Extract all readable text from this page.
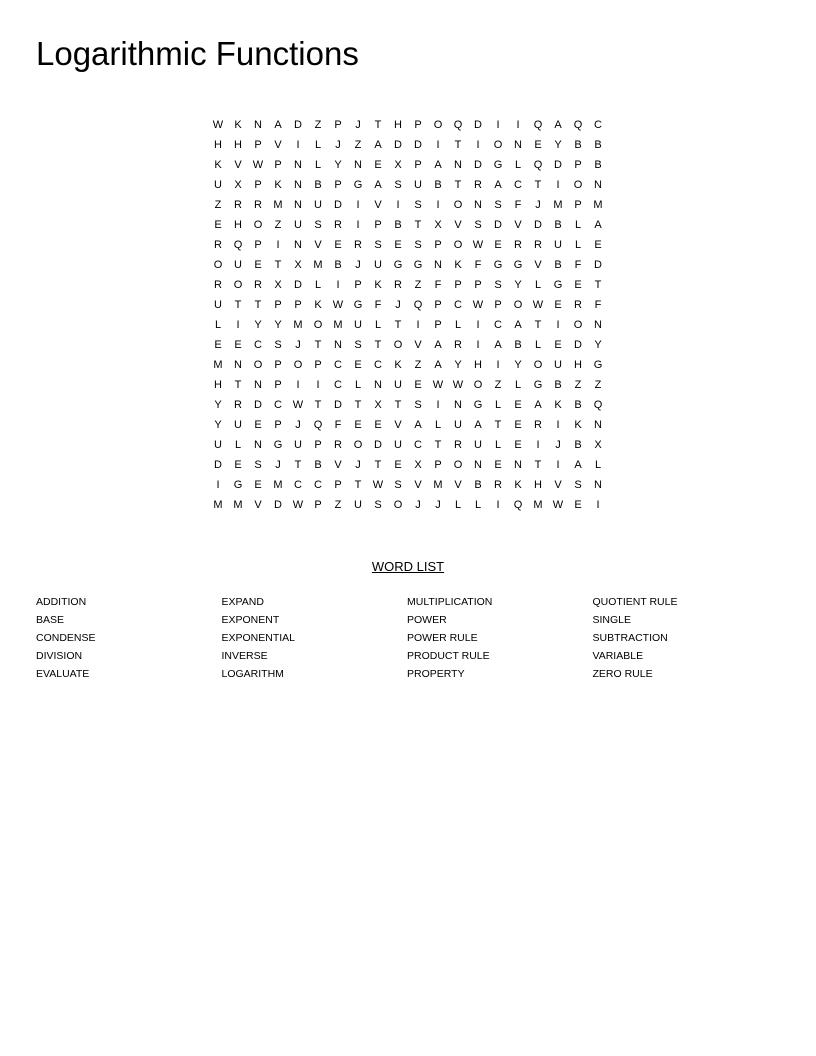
Logarithmic Functions
W	K	N	A	D	Z	P	J	T	H	P	O	Q	D	I	I	Q	A	Q	C
H	H	P	V	I	L	J	Z	A	D	D	I	T	I	O	N	E	Y	B	B
K	V	W	P	N	L	Y	N	E	X	P	A	N	D	G	L	Q	D	P	B
U	X	P	K	N	B	P	G	A	S	U	B	T	R	A	C	T	I	O	N
Z	R	R	M	N	U	D	I	V	I	S	I	O	N	S	F	J	M	P	M
E	H	O	Z	U	S	R	I	P	B	T	X	V	S	D	V	D	B	L	A
R	Q	P	I	N	V	E	R	S	E	S	P	O W	E	R	R	U	L	E
O	U	E	T	X	M	B	J	U	G	G	N	K	F	G	G	V	B	F	D
R	O	R	X	D	L	I	P	K	R	Z	F	P	P	S	Y	L	G	E	T
U	T	T	P	P	K	W G	F	J	Q	P	C W	P	O W	E	R	F
L	I	Y	Y	M	O	M	U	L	T	I	P	L	I	C	A	T	I	O	N
E	E	C	S	J	T	N	S	T	O	V	A	R	I	A	B	L	E	D	Y
M	N	O	P	O	P	C	E	C	K	Z	A	Y	H	I	Y	O	U	H	G
H	T	N	P	I	I	C	L	N	U	E	W W O	Z	L	G	B	Z	Z
Y	R	D	C W	T	D	T	X	T	S	I	N	G	L	E	A	K	B	Q
Y	U	E	P	J	Q	F	E	E	V	A	L	U	A	T	E	R	I	K	N
U	L	N	G	U	P	R	O	D	U	C	T	R	U	L	E	I	J	B	X
D	E	S	J	T	B	V	J	T	E	X	P	O	N	E	N	T	I	A	L
I	G	E	M	C	C	P	T	W	S	V	M	V	B	R	K	H	V	S	N
M M	V	D W	P	Z	U	S	O	J	J	L	L	I	Q	M W	E	I
WORD LIST
ADDITION
BASE
CONDENSE
DIVISION
EVALUATE
EXPAND
EXPONENT
EXPONENTIAL
INVERSE
LOGARITHM
MULTIPLICATION
POWER
POWER RULE
PRODUCT RULE
PROPERTY
QUOTIENT RULE
SINGLE
SUBTRACTION
VARIABLE
ZERO RULE
